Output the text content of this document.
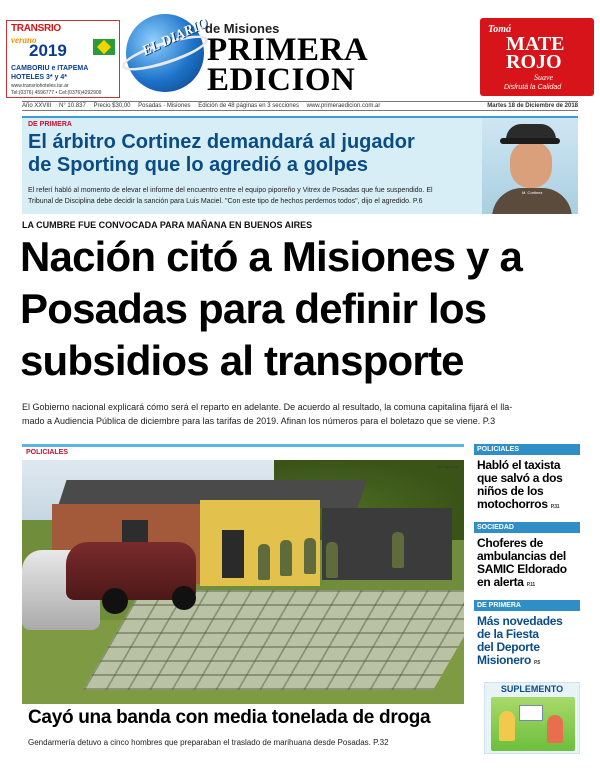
TRANSRIO
verano
2019
CAMBORIU e ITAPEMA
HOTELES 3* y 4*
www.transriohoteles.tur.ar
Tel:(0376) 4596777 • Cel:(0376)4292909
EL DIARIO
de Misiones
PRIMERA
EDICION
Tomá
MATE
ROJO
Suave
Disfrutá la Calidad
Año XXVIII N° 10.837 Precio $30,00 Posadas · Misiones Edición de 48 páginas en 3 secciones www.primeraedicion.com.ar	Martes 18 de Diciembre de 2018
DE PRIMERA
El árbitro Cortinez demandará al jugador
de Sporting que lo agredió a golpes
El referí habló al momento de elevar el informe del encuentro entre el equipo piporeño y Vitrex de Posadas que fue suspendido. El
Tribunal de Disciplina debe decidir la sanción para Luis Maciel. "Con este tipo de hechos perdemos todos", dijo el agredido. P.6
M. Cortinez
LA CUMBRE FUE CONVOCADA PARA MAÑANA EN BUENOS AIRES
Nación citó a Misiones y a
Posadas para definir los
subsidios al transporte
El Gobierno nacional explicará cómo será el reparto en adelante. De acuerdo al resultado, la comuna capitalina fijará el lla-
mado a Audiencia Pública de diciembre para las tarifas de 2019. Afinan los números para el boletazo que se viene. P.3
POLICIALES
M. Cortinez
Cayó una banda con media tonelada de droga
Gendarmería detuvo a cinco hombres que preparaban el traslado de marihuana desde Posadas. P.32
POLICIALES
Habló el taxista
que salvó a dos
niños de los
motochorros P.31
SOCIEDAD
Choferes de
ambulancias del
SAMIC Eldorado
en alerta P.11
DE PRIMERA
Más novedades
de la Fiesta
del Deporte
Misionero P.5
SUPLEMENTO
